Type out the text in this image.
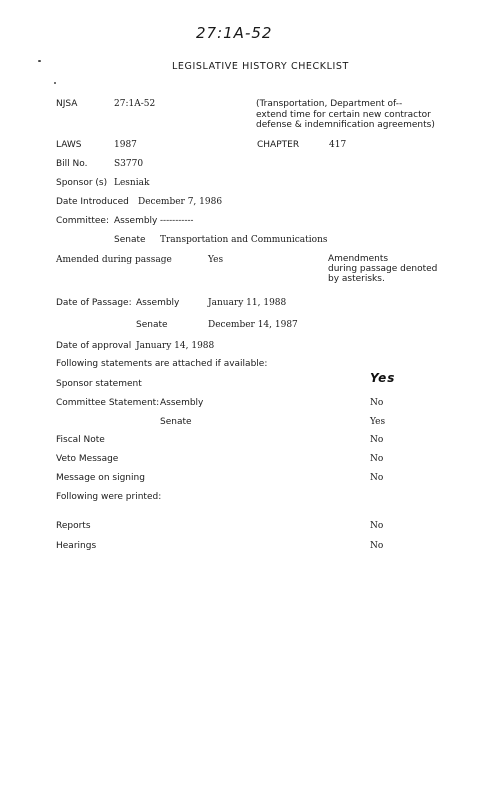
27:1A-52
LEGISLATIVE HISTORY CHECKLIST
NJSA	27:1A-52	(Transportation, Department of--
extend time for certain new contractor
defense & indemnification agreements)
LAWS	1987	CHAPTER	417
Bill No.	S3770
Sponsor (s) Lesniak
Date Introduced December 7, 1986
Committee: Assembly -----------
Senate Transportation and Communications
Amended during passage	Yes	Amendments
during passage denoted
by asterisks.
Date of Passage: Assembly	January 11, 1988
Senate	December 14, 1987
Date of approval January 14, 1988
Following statements are attached if available:
Sponsor statement	Yes
Committee Statement: Assembly	No
Senate	Yes
Fiscal Note	No
Veto Message	No
Message on signing	No
Following were printed:
Reports	No
Hearings	No
